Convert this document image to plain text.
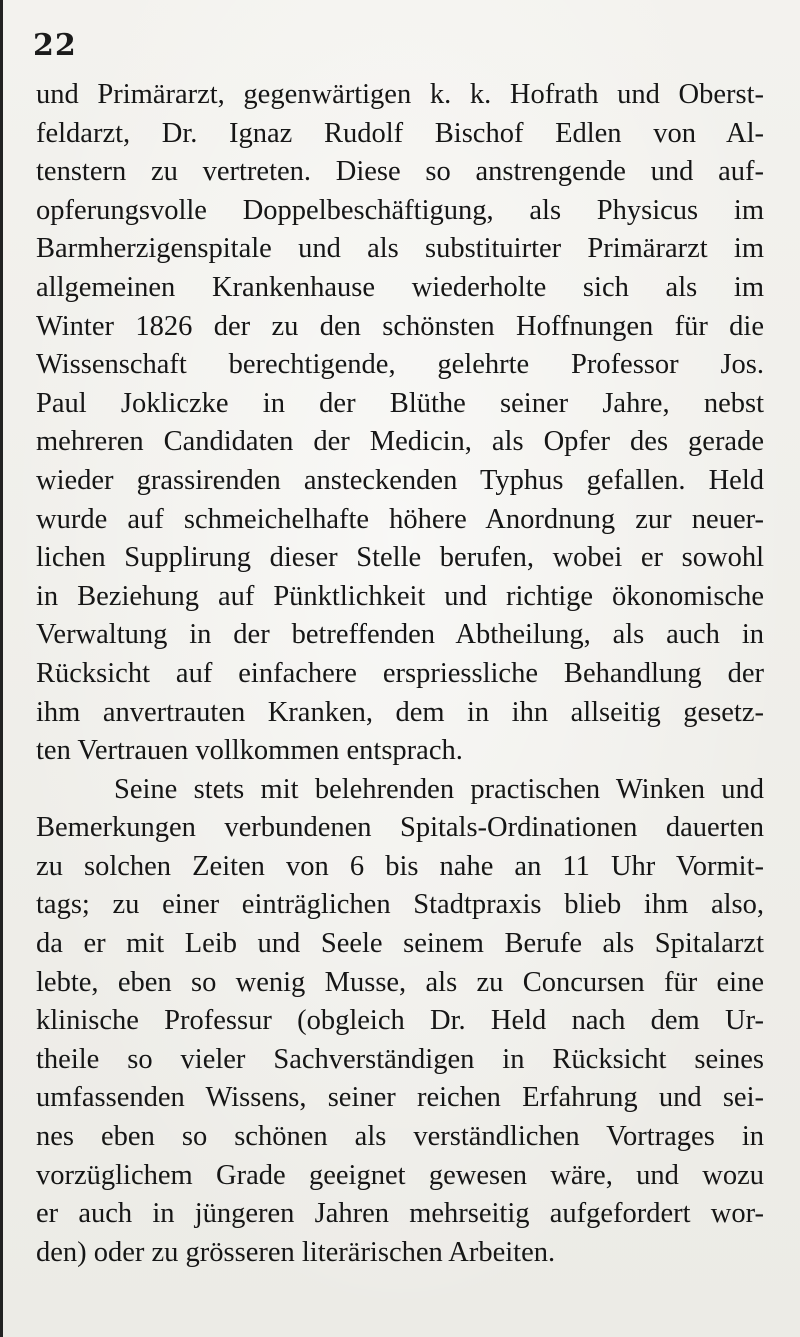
22
und Primärarzt, gegenwärtigen k. k. Hofrath und Oberst-
feldarzt, Dr. Ignaz Rudolf Bischof Edlen von Al-
tenstern zu vertreten. Diese so anstrengende und auf-
opferungsvolle Doppelbeschäftigung, als Physicus im
Barmherzigenspitale und als substituirter Primärarzt im
allgemeinen Krankenhause wiederholte sich als im
Winter 1826 der zu den schönsten Hoffnungen für die
Wissenschaft berechtigende, gelehrte Professor Jos.
Paul Jokliczke in der Blüthe seiner Jahre, nebst
mehreren Candidaten der Medicin, als Opfer des gerade
wieder grassirenden ansteckenden Typhus gefallen. Held
wurde auf schmeichelhafte höhere Anordnung zur neuer-
lichen Supplirung dieser Stelle berufen, wobei er sowohl
in Beziehung auf Pünktlichkeit und richtige ökonomische
Verwaltung in der betreffenden Abtheilung, als auch in
Rücksicht auf einfachere erspriessliche Behandlung der
ihm anvertrauten Kranken, dem in ihn allseitig gesetz-
ten Vertrauen vollkommen entsprach.
Seine stets mit belehrenden practischen Winken und
Bemerkungen verbundenen Spitals-Ordinationen dauerten
zu solchen Zeiten von 6 bis nahe an 11 Uhr Vormit-
tags; zu einer einträglichen Stadtpraxis blieb ihm also,
da er mit Leib und Seele seinem Berufe als Spitalarzt
lebte, eben so wenig Musse, als zu Concursen für eine
klinische Professur (obgleich Dr. Held nach dem Ur-
theile so vieler Sachverständigen in Rücksicht seines
umfassenden Wissens, seiner reichen Erfahrung und sei-
nes eben so schönen als verständlichen Vortrages in
vorzüglichem Grade geeignet gewesen wäre, und wozu
er auch in jüngeren Jahren mehrseitig aufgefordert wor-
den) oder zu grösseren literärischen Arbeiten.
